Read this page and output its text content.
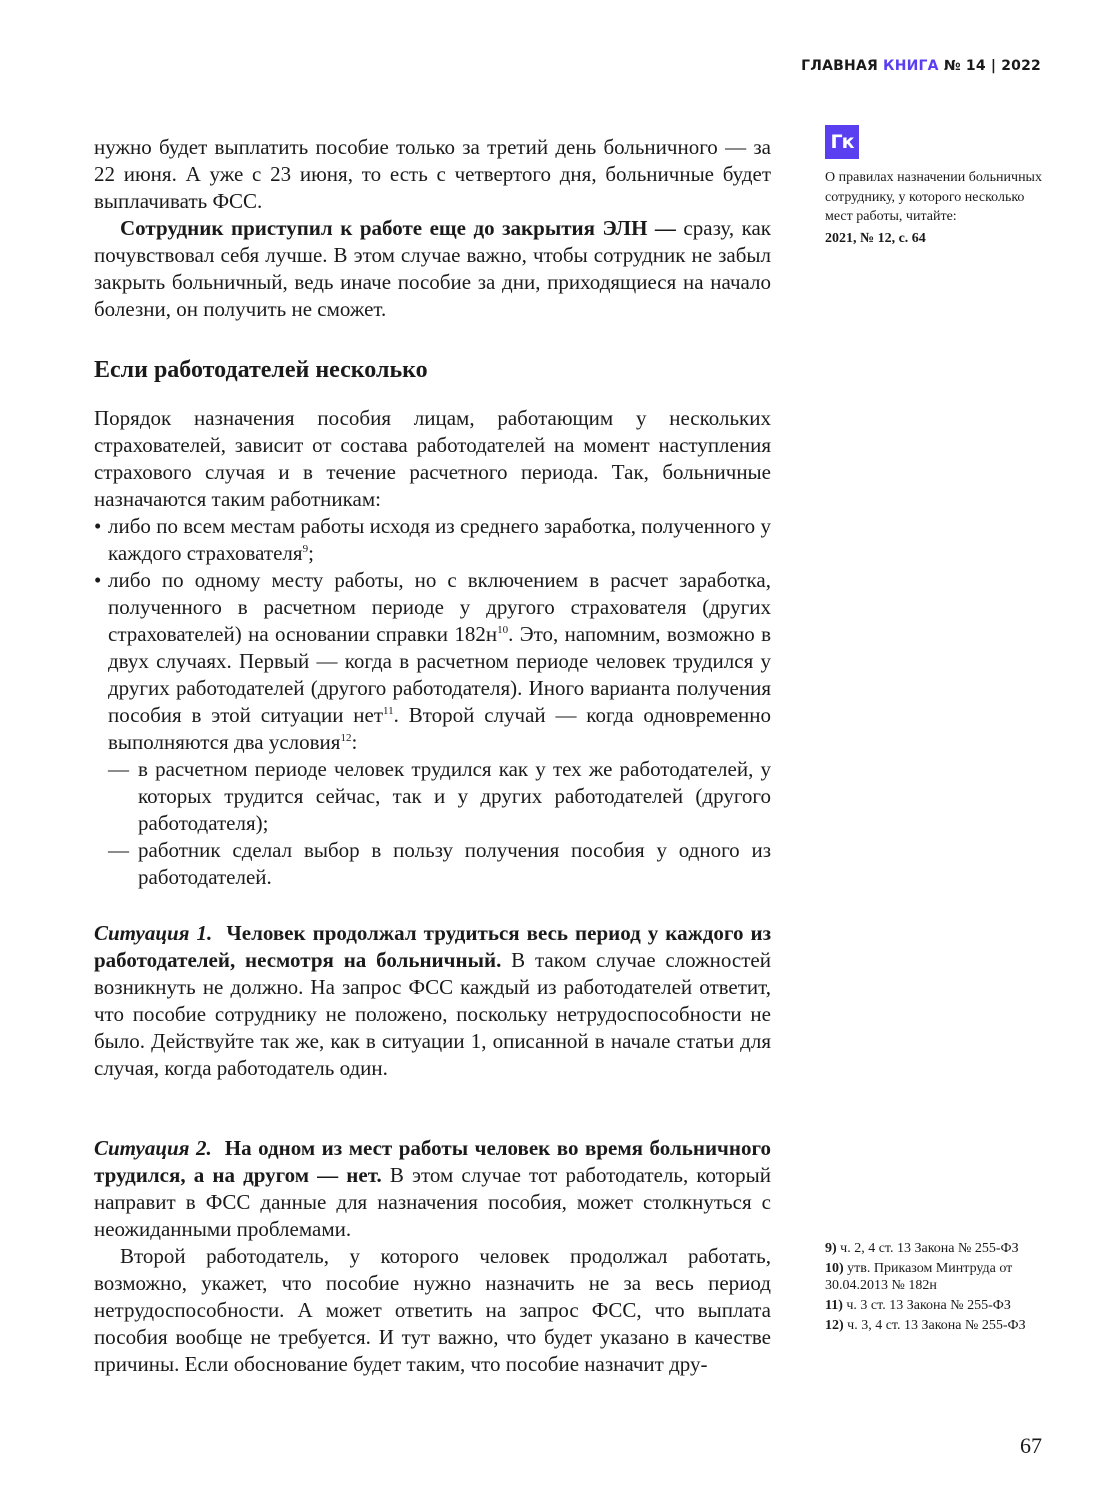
ГЛАВНАЯ КНИГА № 14 | 2022
нужно будет выплатить пособие только за третий день больничного — за 22 июня. А уже с 23 июня, то есть с четвертого дня, больничные будет выплачивать ФСС.
Сотрудник приступил к работе еще до закрытия ЭЛН — сразу, как почувствовал себя лучше. В этом случае важно, чтобы сотрудник не забыл закрыть больничный, ведь иначе пособие за дни, приходящиеся на начало болезни, он получить не сможет.
Если работодателей несколько
Порядок назначения пособия лицам, работающим у нескольких страхователей, зависит от состава работодателей на момент наступления страхового случая и в течение расчетного периода. Так, больничные назначаются таким работникам:
• либо по всем местам работы исходя из среднего заработка, полученного у каждого страхователя$^9$;
• либо по одному месту работы, но с включением в расчет заработка, полученного в расчетном периоде у другого страхователя (других страхователей) на основании справки $182н^{10}$. Это, напомним, возможно в двух случаях. Первый — когда в расчетном периоде человек трудился у других работодателей (другого работодателя). Иного варианта получения пособия в этой ситуации нет$^{11}$. Второй случай — когда одновременно выполняются два условия$^{12}$:
— в расчетном периоде человек трудился как у тех же работодателей, у которых трудится сейчас, так и у других работодателей (другого работодателя);
— работник сделал выбор в пользу получения пособия у одного из работодателей.
Ситуация 1. Человек продолжал трудиться весь период у каждого из работодателей, несмотря на больничный. В таком случае сложностей возникнуть не должно. На запрос ФСС каждый из работодателей ответит, что пособие сотруднику не положено, поскольку нетрудоспособности не было. Действуйте так же, как в ситуации 1, описанной в начале статьи для случая, когда работодатель один.
Ситуация 2. На одном из мест работы человек во время больничного трудился, а на другом — нет. В этом случае тот работодатель, который направит в ФСС данные для назначения пособия, может столкнуться с неожиданными проблемами.
Второй работодатель, у которого человек продолжал работать, возможно, укажет, что пособие нужно назначить не за весь период нетрудоспособности. А может ответить на запрос ФСС, что выплата пособия вообще не требуется. И тут важно, что будет указано в качестве причины. Если обоснование будет таким, что пособие назначит дру-
Гк
О правилах назначении больничных сотруднику, у которого несколько мест работы, читайте:
2021, № 12, с. 64
9) ч. 2, 4 ст. 13 Закона № 255-ФЗ
10) утв. Приказом Минтруда от 30.04.2013 № 182н
11) ч. 3 ст. 13 Закона № 255-ФЗ
12) ч. 3, 4 ст. 13 Закона № 255-ФЗ
67
